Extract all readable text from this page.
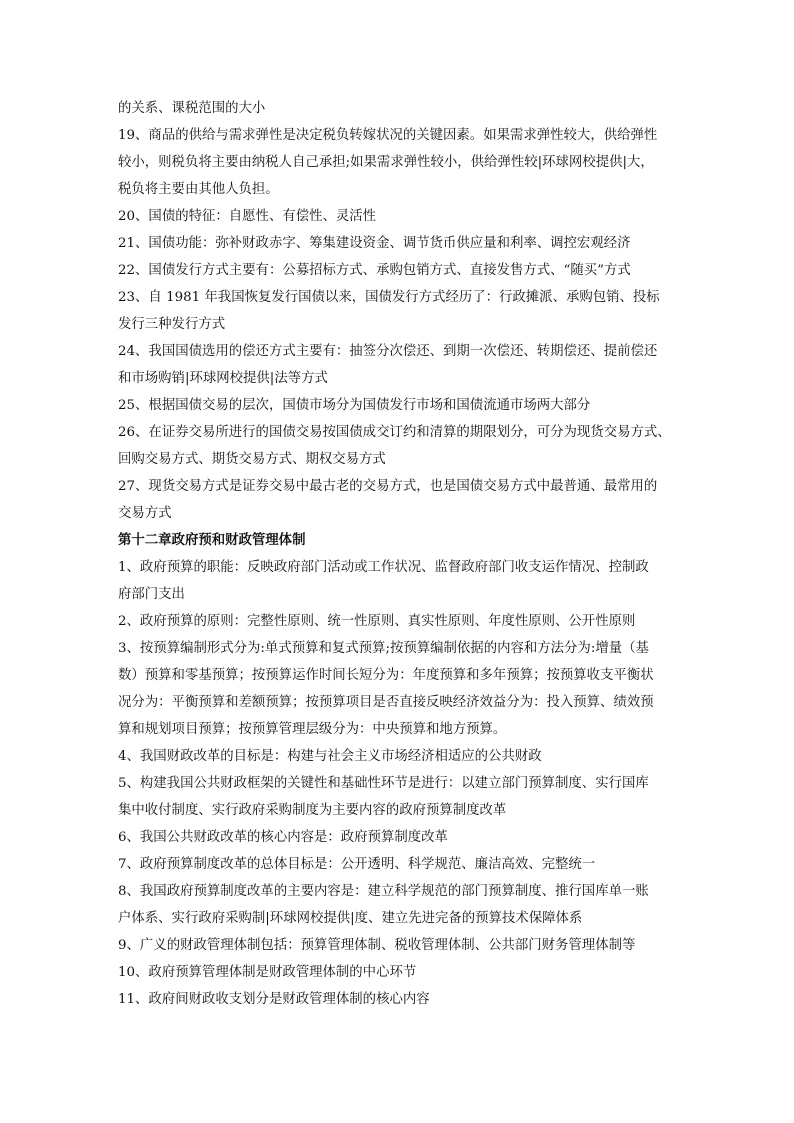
的关系、课税范围的大小
19、商品的供给与需求弹性是决定税负转嫁状况的关键因素。如果需求弹性较大，供给弹性
较小，则税负将主要由纳税人自己承担;如果需求弹性较小，供给弹性较|环球网校提供|大，
税负将主要由其他人负担。
20、国债的特征：自愿性、有偿性、灵活性
21、国债功能：弥补财政赤字、筹集建设资金、调节货币供应量和利率、调控宏观经济
22、国债发行方式主要有：公募招标方式、承购包销方式、直接发售方式、“随买”方式
23、自 1981 年我国恢复发行国债以来，国债发行方式经历了：行政摊派、承购包销、投标
发行三种发行方式
24、我国国债选用的偿还方式主要有：抽签分次偿还、到期一次偿还、转期偿还、提前偿还
和市场购销|环球网校提供|法等方式
25、根据国债交易的层次，国债市场分为国债发行市场和国债流通市场两大部分
26、在证券交易所进行的国债交易按国债成交订约和清算的期限划分，可分为现货交易方式、
回购交易方式、期货交易方式、期权交易方式
27、现货交易方式是证券交易中最古老的交易方式，也是国债交易方式中最普通、最常用的
交易方式
第十二章政府预和财政管理体制
1、政府预算的职能：反映政府部门活动或工作状况、监督政府部门收支运作情况、控制政
府部门支出
2、政府预算的原则：完整性原则、统一性原则、真实性原则、年度性原则、公开性原则
3、按预算编制形式分为:单式预算和复式预算;按预算编制依据的内容和方法分为:增量（基
数）预算和零基预算；按预算运作时间长短分为：年度预算和多年预算；按预算收支平衡状
况分为：平衡预算和差额预算；按预算项目是否直接反映经济效益分为：投入预算、绩效预
算和规划项目预算；按预算管理层级分为：中央预算和地方预算。
4、我国财政改革的目标是：构建与社会主义市场经济相适应的公共财政
5、构建我国公共财政框架的关键性和基础性环节是进行：以建立部门预算制度、实行国库
集中收付制度、实行政府采购制度为主要内容的政府预算制度改革
6、我国公共财政改革的核心内容是：政府预算制度改革
7、政府预算制度改革的总体目标是：公开透明、科学规范、廉洁高效、完整统一
8、我国政府预算制度改革的主要内容是：建立科学规范的部门预算制度、推行国库单一账
户体系、实行政府采购制|环球网校提供|度、建立先进完备的预算技术保障体系
9、广义的财政管理体制包括：预算管理体制、税收管理体制、公共部门财务管理体制等
10、政府预算管理体制是财政管理体制的中心环节
11、政府间财政收支划分是财政管理体制的核心内容
